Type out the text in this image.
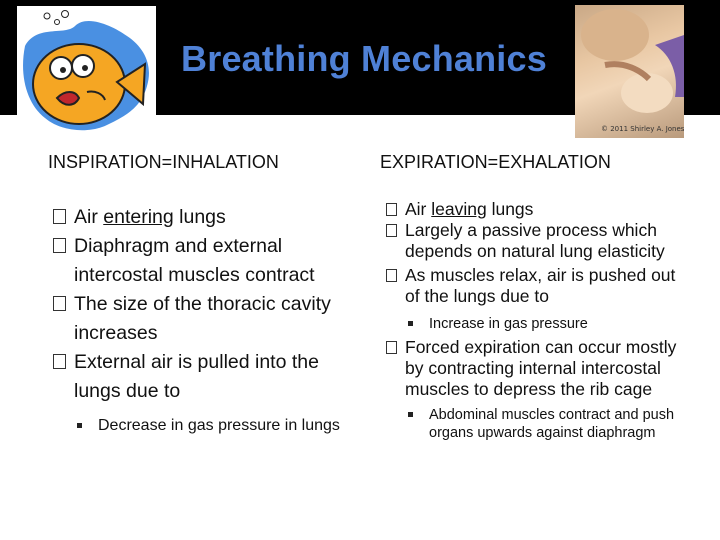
Breathing Mechanics
© 2011 Shirley A. Jones
INSPIRATION=INHALATION	EXPIRATION=EXHALATION
Air entering lungs
Diaphragm and external intercostal muscles contract
The size of the thoracic cavity increases
External air is pulled into the lungs due to
Decrease in gas pressure in lungs
Air leaving lungs
Largely a passive process which depends on natural lung elasticity
As muscles relax, air is pushed out of the lungs due to
Increase in gas pressure
Forced expiration can occur mostly by contracting internal intercostal muscles to depress the rib cage
Abdominal muscles contract and push organs upwards against diaphragm
